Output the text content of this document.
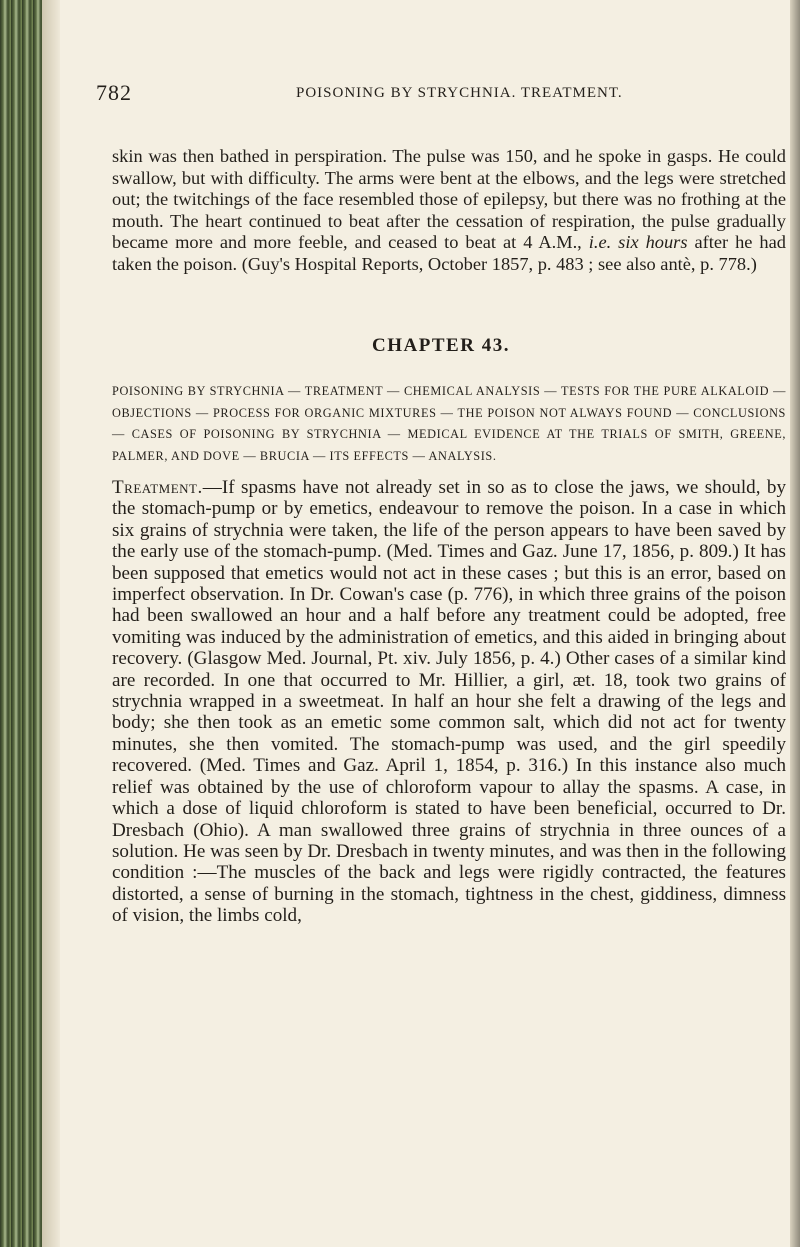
782	POISONING BY STRYCHNIA. TREATMENT.

skin was then bathed in perspiration. The pulse was 150, and he spoke in gasps. He could swallow, but with difficulty. The arms were bent at the elbows, and the legs were stretched out; the twitchings of the face resembled those of epilepsy, but there was no frothing at the mouth. The heart continued to beat after the cessation of respiration, the pulse gradually became more and more feeble, and ceased to beat at 4 A.M., i.e. six hours after he had taken the poison. (Guy's Hospital Reports, October 1857, p. 483 ; see also antè, p. 778.)

CHAPTER 43.

POISONING BY STRYCHNIA — TREATMENT — CHEMICAL ANALYSIS — TESTS FOR THE PURE ALKALOID — OBJECTIONS — PROCESS FOR ORGANIC MIXTURES — THE POISON NOT ALWAYS FOUND — CONCLUSIONS — CASES OF POISONING BY STRYCHNIA — MEDICAL EVIDENCE AT THE TRIALS OF SMITH, GREENE, PALMER, AND DOVE — BRUCIA — ITS EFFECTS — ANALYSIS.

Treatment.—If spasms have not already set in so as to close the jaws, we should, by the stomach-pump or by emetics, endeavour to remove the poison. In a case in which six grains of strychnia were taken, the life of the person appears to have been saved by the early use of the stomach-pump. (Med. Times and Gaz. June 17, 1856, p. 809.) It has been supposed that emetics would not act in these cases ; but this is an error, based on imperfect observation. In Dr. Cowan's case (p. 776), in which three grains of the poison had been swallowed an hour and a half before any treatment could be adopted, free vomiting was induced by the administration of emetics, and this aided in bringing about recovery. (Glasgow Med. Journal, Pt. xiv. July 1856, p. 4.) Other cases of a similar kind are recorded. In one that occurred to Mr. Hillier, a girl, æt. 18, took two grains of strychnia wrapped in a sweetmeat. In half an hour she felt a drawing of the legs and body; she then took as an emetic some common salt, which did not act for twenty minutes, she then vomited. The stomach-pump was used, and the girl speedily recovered. (Med. Times and Gaz. April 1, 1854, p. 316.) In this instance also much relief was obtained by the use of chloroform vapour to allay the spasms. A case, in which a dose of liquid chloroform is stated to have been beneficial, occurred to Dr. Dresbach (Ohio). A man swallowed three grains of strychnia in three ounces of a solution. He was seen by Dr. Dresbach in twenty minutes, and was then in the following condition :—The muscles of the back and legs were rigidly contracted, the features distorted, a sense of burning in the stomach, tightness in the chest, giddiness, dimness of vision, the limbs cold,
